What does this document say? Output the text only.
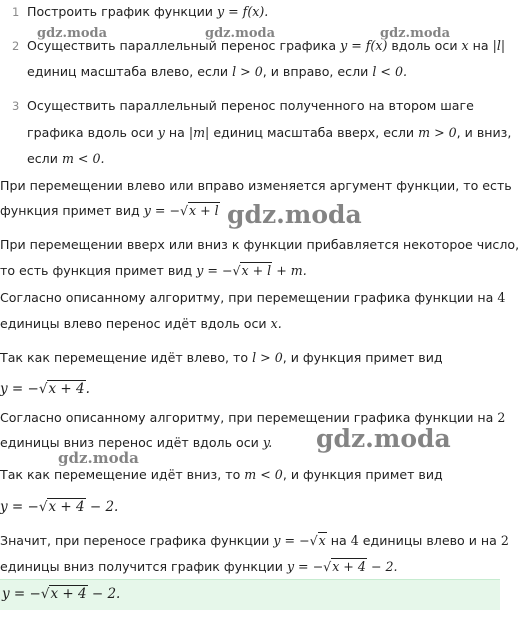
1 Построить график функции y = f(x).
2 Осуществить параллельный перенос графика y = f(x) вдоль оси x на |l|
единиц масштаба влево, если l > 0, и вправо, если l < 0.
3 Осуществить параллельный перенос полученного на втором шаге
графика вдоль оси y на |m| единиц масштаба вверх, если m > 0, и вниз,
если m < 0.
При перемещении влево или вправо изменяется аргумент функции, то есть
функция примет вид y = −√x + l
При перемещении вверх или вниз к функции прибавляется некоторое число,
то есть функция примет вид y = −√x + l + m.
Согласно описанному алгоритму, при перемещении графика функции на 4
единицы влево перенос идёт вдоль оси x.
Так как перемещение идёт влево, то l > 0, и функция примет вид
y = −√x + 4.
Согласно описанному алгоритму, при перемещении графика функции на 2
единицы вниз перенос идёт вдоль оси y.
Так как перемещение идёт вниз, то m < 0, и функция примет вид
y = −√x + 4 − 2.
Значит, при переносе графика функции y = −√x на 4 единицы влево и на 2
единицы вниз получится график функции y = −√x + 4 − 2.
y = −√x + 4 − 2.
gdz.moda	gdz.moda	gdz.moda
gdz.moda
gdz.moda
gdz.moda
